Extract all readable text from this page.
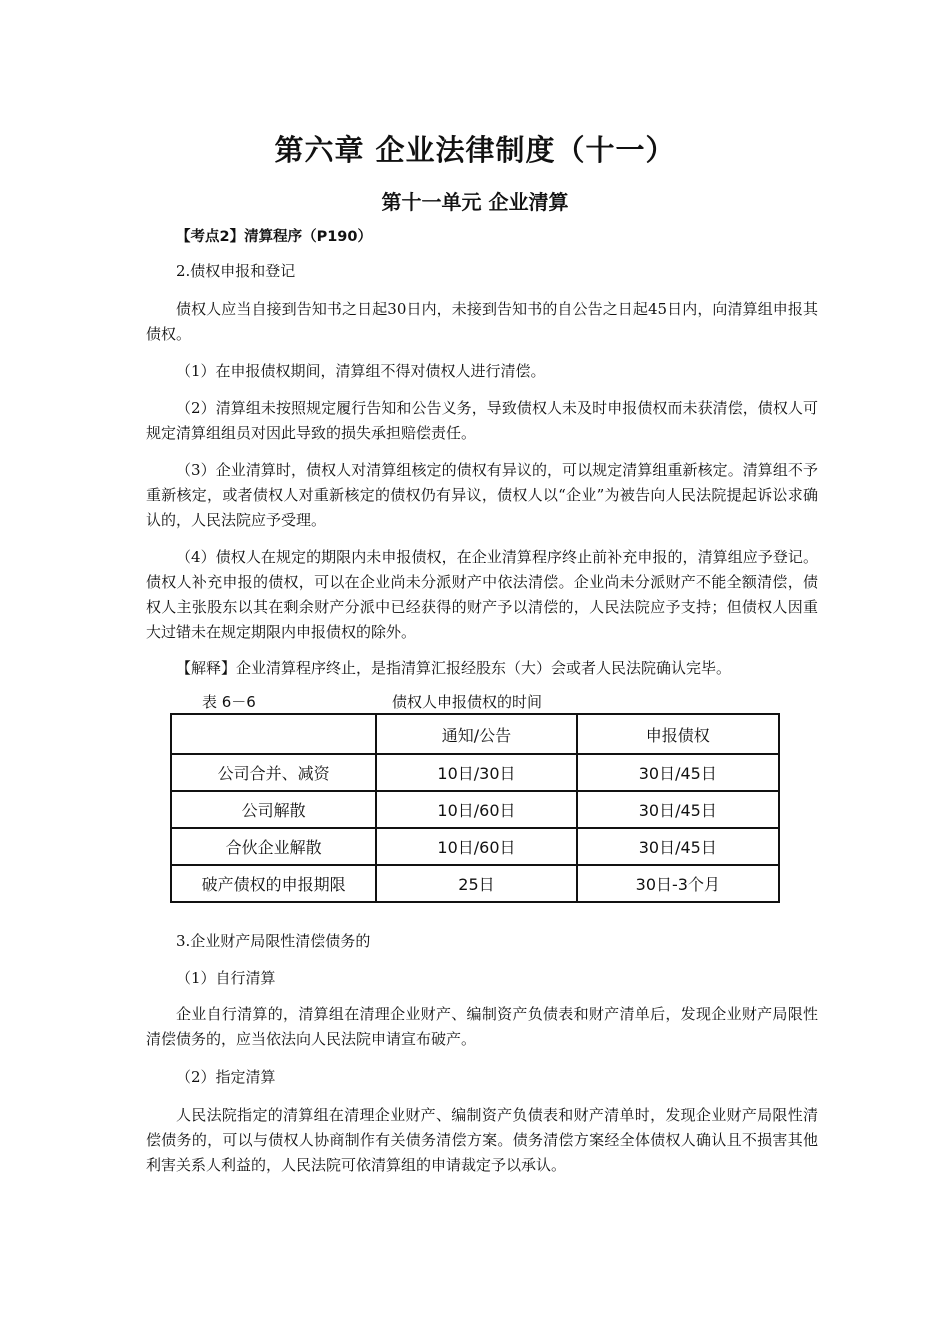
第六章 企业法律制度（十一）
第十一单元 企业清算
【考点2】清算程序（P190）
2.债权申报和登记
债权人应当自接到告知书之日起30日内，未接到告知书的自公告之日起45日内，向清算组申报其债权。
（1）在申报债权期间，清算组不得对债权人进行清偿。
（2）清算组未按照规定履行告知和公告义务，导致债权人未及时申报债权而未获清偿，债权人可规定清算组组员对因此导致的损失承担赔偿责任。
（3）企业清算时，债权人对清算组核定的债权有异议的，可以规定清算组重新核定。清算组不予重新核定，或者债权人对重新核定的债权仍有异议，债权人以“企业”为被告向人民法院提起诉讼求确认的，人民法院应予受理。
（4）债权人在规定的期限内未申报债权，在企业清算程序终止前补充申报的，清算组应予登记。债权人补充申报的债权，可以在企业尚未分派财产中依法清偿。企业尚未分派财产不能全额清偿，债权人主张股东以其在剩余财产分派中已经获得的财产予以清偿的，人民法院应予支持；但债权人因重大过错未在规定期限内申报债权的除外。
【解释】企业清算程序终止，是指清算汇报经股东（大）会或者人民法院确认完毕。
表 6－6	债权人申报债权的时间
	通知/公告	申报债权
公司合并、减资	10日/30日	30日/45日
公司解散	10日/60日	30日/45日
合伙企业解散	10日/60日	30日/45日
破产债权的申报期限	25日	30日-3个月
3.企业财产局限性清偿债务的
（1）自行清算
企业自行清算的，清算组在清理企业财产、编制资产负债表和财产清单后，发现企业财产局限性清偿债务的，应当依法向人民法院申请宣布破产。
（2）指定清算
人民法院指定的清算组在清理企业财产、编制资产负债表和财产清单时，发现企业财产局限性清偿债务的，可以与债权人协商制作有关债务清偿方案。债务清偿方案经全体债权人确认且不损害其他利害关系人利益的，人民法院可依清算组的申请裁定予以承认。
